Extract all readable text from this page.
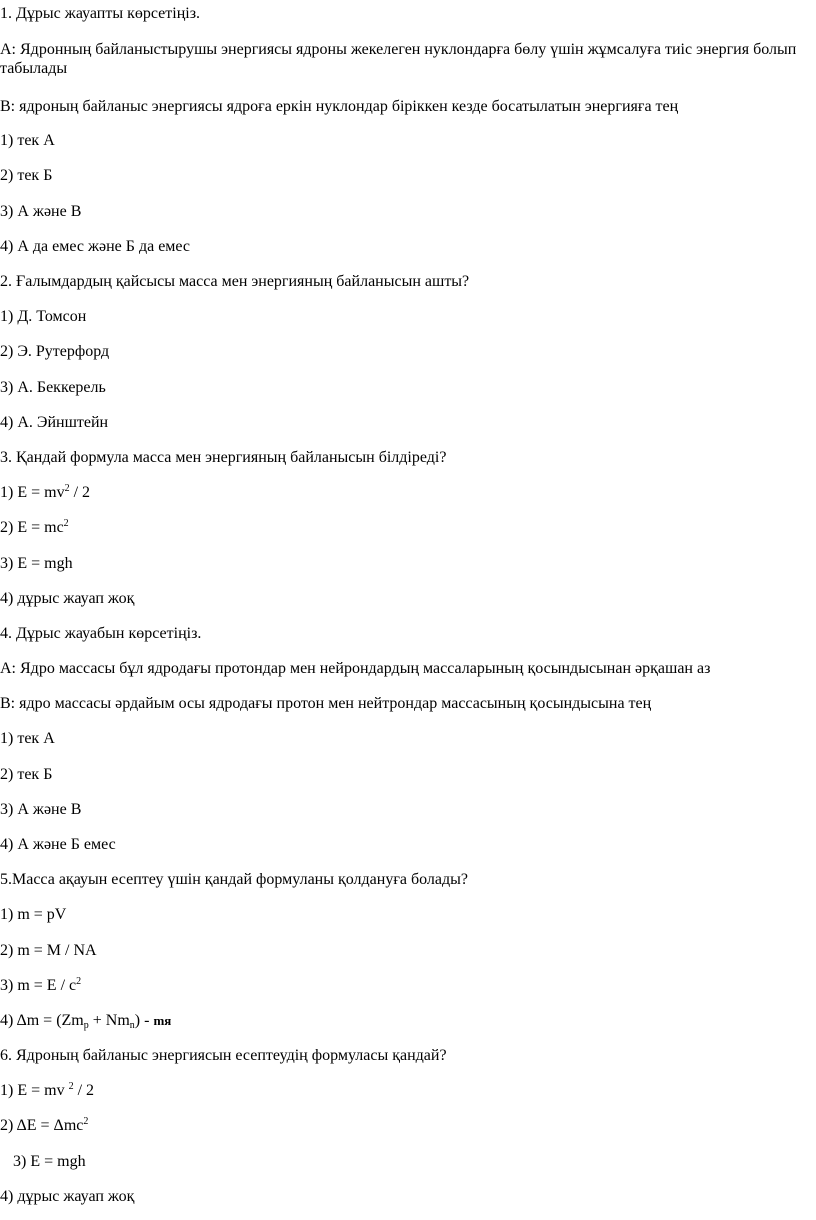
1. Дұрыс жауапты көрсетіңіз.
А: Ядронның байланыстырушы энергиясы ядроны жекелеген нуклондарға бөлу үшін жұмсалуға тиіс энергия болып табылады
В: ядроның байланыс энергиясы ядроға еркін нуклондар біріккен кезде босатылатын энергияға тең
1) тек А
2) тек Б
3) А және В
4) А да емес және Б да емес
2. Ғалымдардың қайсысы масса мен энергияның байланысын ашты?
1) Д. Томсон
2) Э. Рутерфорд
3) А. Беккерель
4) А. Эйнштейн
3. Қандай формула масса мен энергияның байланысын білдіреді?
1) $E = mv^2 / 2$
2) $E = mc^2$
3) E = mgh
4) дұрыс жауап жоқ
4. Дұрыс жауабын көрсетіңіз.
А: Ядро массасы бұл ядродағы протондар мен нейрондардың массаларының қосындысынан әрқашан аз
В: ядро массасы әрдайым осы ядродағы протон мен нейтрондар массасының қосындысына тең
1) тек А
2) тек Б
3) А және В
4) А және Б емес
5.Масса ақауын есептеу үшін қандай формуланы қолдануға болады?
1) m = pV
2) m = M / NA
3) $m = E / c^2$
4) $\Delta m = (Zm_p + Nm_n)$ - mя
6. Ядроның байланыс энергиясын есептеудің формуласы қандай?
1) E = mv $^2$ / 2
2) ΔE = Δmc$^2$
3) E = mgh
4) дұрыс жауап жоқ
